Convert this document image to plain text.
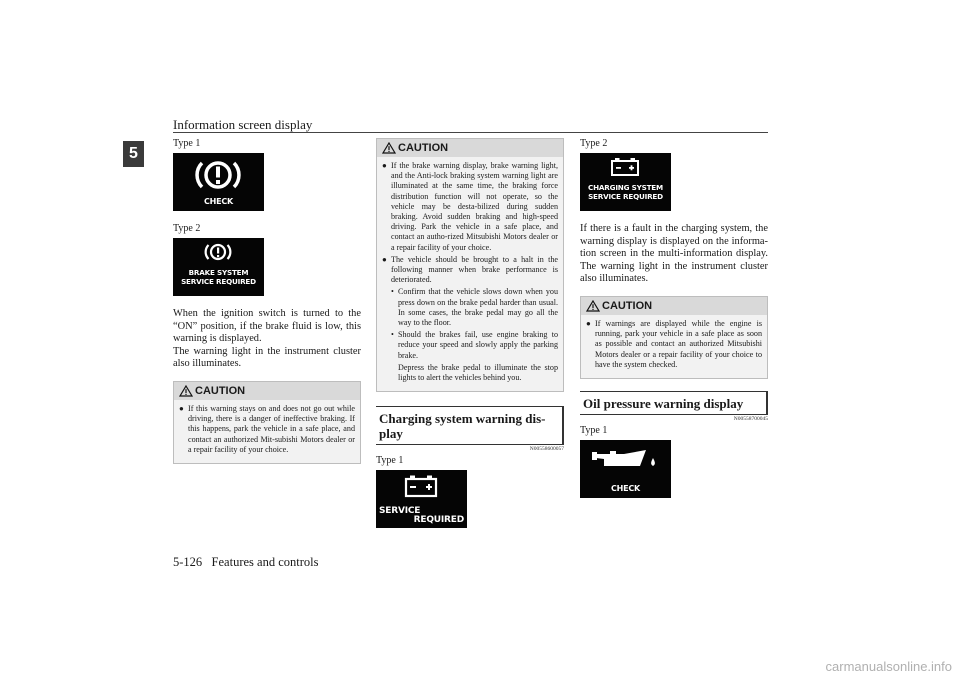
Information screen display
5
Type 1
CHECK
Type 2
BRAKE SYSTEM
SERVICE REQUIRED

When the ignition switch is turned to the “ON” position, if the brake fluid is low, this warning is displayed.

The warning light in the instrument cluster also illuminates.

CAUTION
● If this warning stays on and does not go out while driving, there is a danger of ineffective braking. If this happens, park the vehicle in a safe place, and contact an authorized Mit-subishi Motors dealer or a repair facility of your choice.
CAUTION
● If the brake warning display, brake warning light, and the Anti-lock braking system warning light are illuminated at the same time, the braking force distribution function will not operate, so the vehicle may be desta-bilized during sudden braking. Avoid sudden braking and high-speed driving. Park the vehicle in a safe place, and contact an autho-rized Mitsubishi Motors dealer or a repair facility of your choice.
● The vehicle should be brought to a halt in the following manner when brake performance is deteriorated.
• Confirm that the vehicle slows down when you press down on the brake pedal harder than usual. In some cases, the brake pedal may go all the way to the floor.
• Should the brakes fail, use engine braking to reduce your speed and slowly apply the parking brake.
Depress the brake pedal to illuminate the stop lights to alert the vehicles behind you.
Charging system warning dis-play
N00558600057
Type 1
SERVICE
REQUIRED
Type 2
CHARGING SYSTEM
SERVICE REQUIRED

If there is a fault in the charging system, the warning display is displayed on the informa-tion screen in the multi-information display. The warning light in the instrument cluster also illuminates.

CAUTION
● If warnings are displayed while the engine is running, park your vehicle in a safe place as soon as possible and contact an authorized Mitsubishi Motors dealer or a repair facility of your choice to have the system checked.
Oil pressure warning display
N00558700045
Type 1
CHECK
5-126 Features and controls
carmanualsonline.info
